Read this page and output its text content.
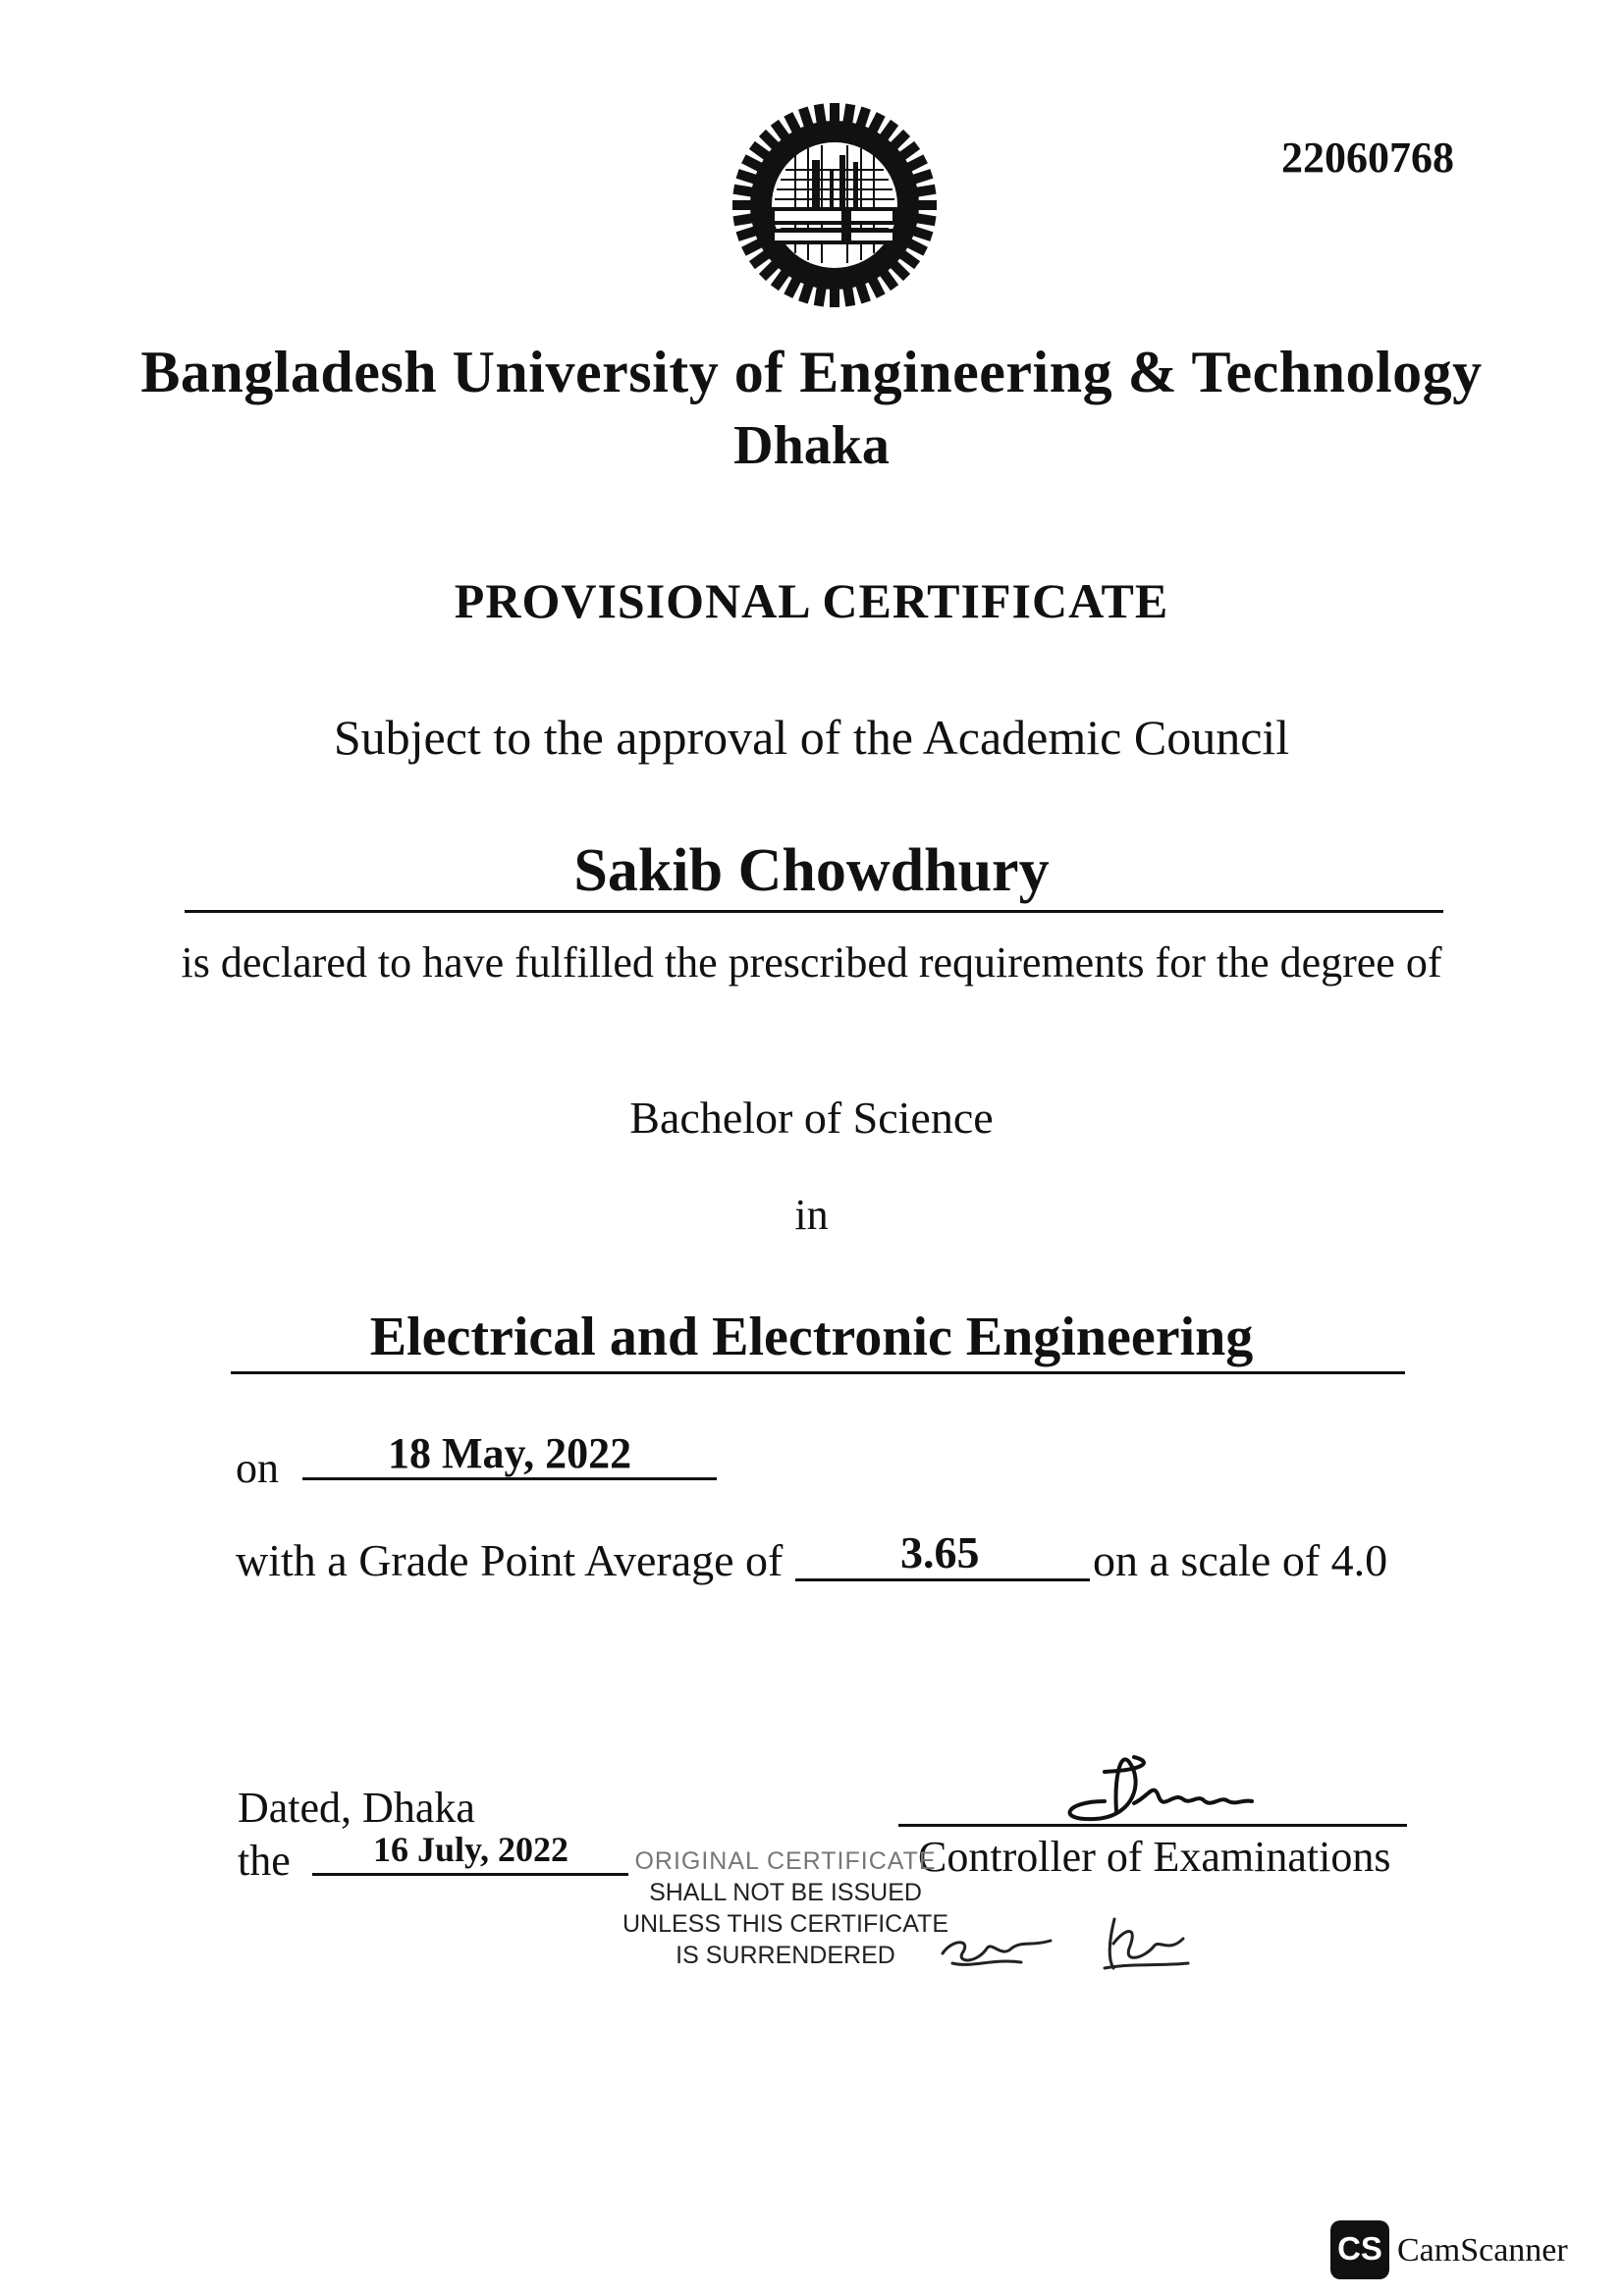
22060768
Bangladesh University of Engineering & Technology
Dhaka
PROVISIONAL CERTIFICATE
Subject to the approval of the Academic Council
Sakib Chowdhury
is declared to have fulfilled the prescribed requirements for the degree of
Bachelor of Science
in
Electrical and Electronic Engineering
on	18 May, 2022
with a Grade Point Average of	3.65	on a scale of 4.0
Dated, Dhaka
the 16 July, 2022	Controller of Examinations
ORIGINAL CERTIFICATE
SHALL NOT BE ISSUED
UNLESS THIS CERTIFICATE
IS SURRENDERED
CS CamScanner
